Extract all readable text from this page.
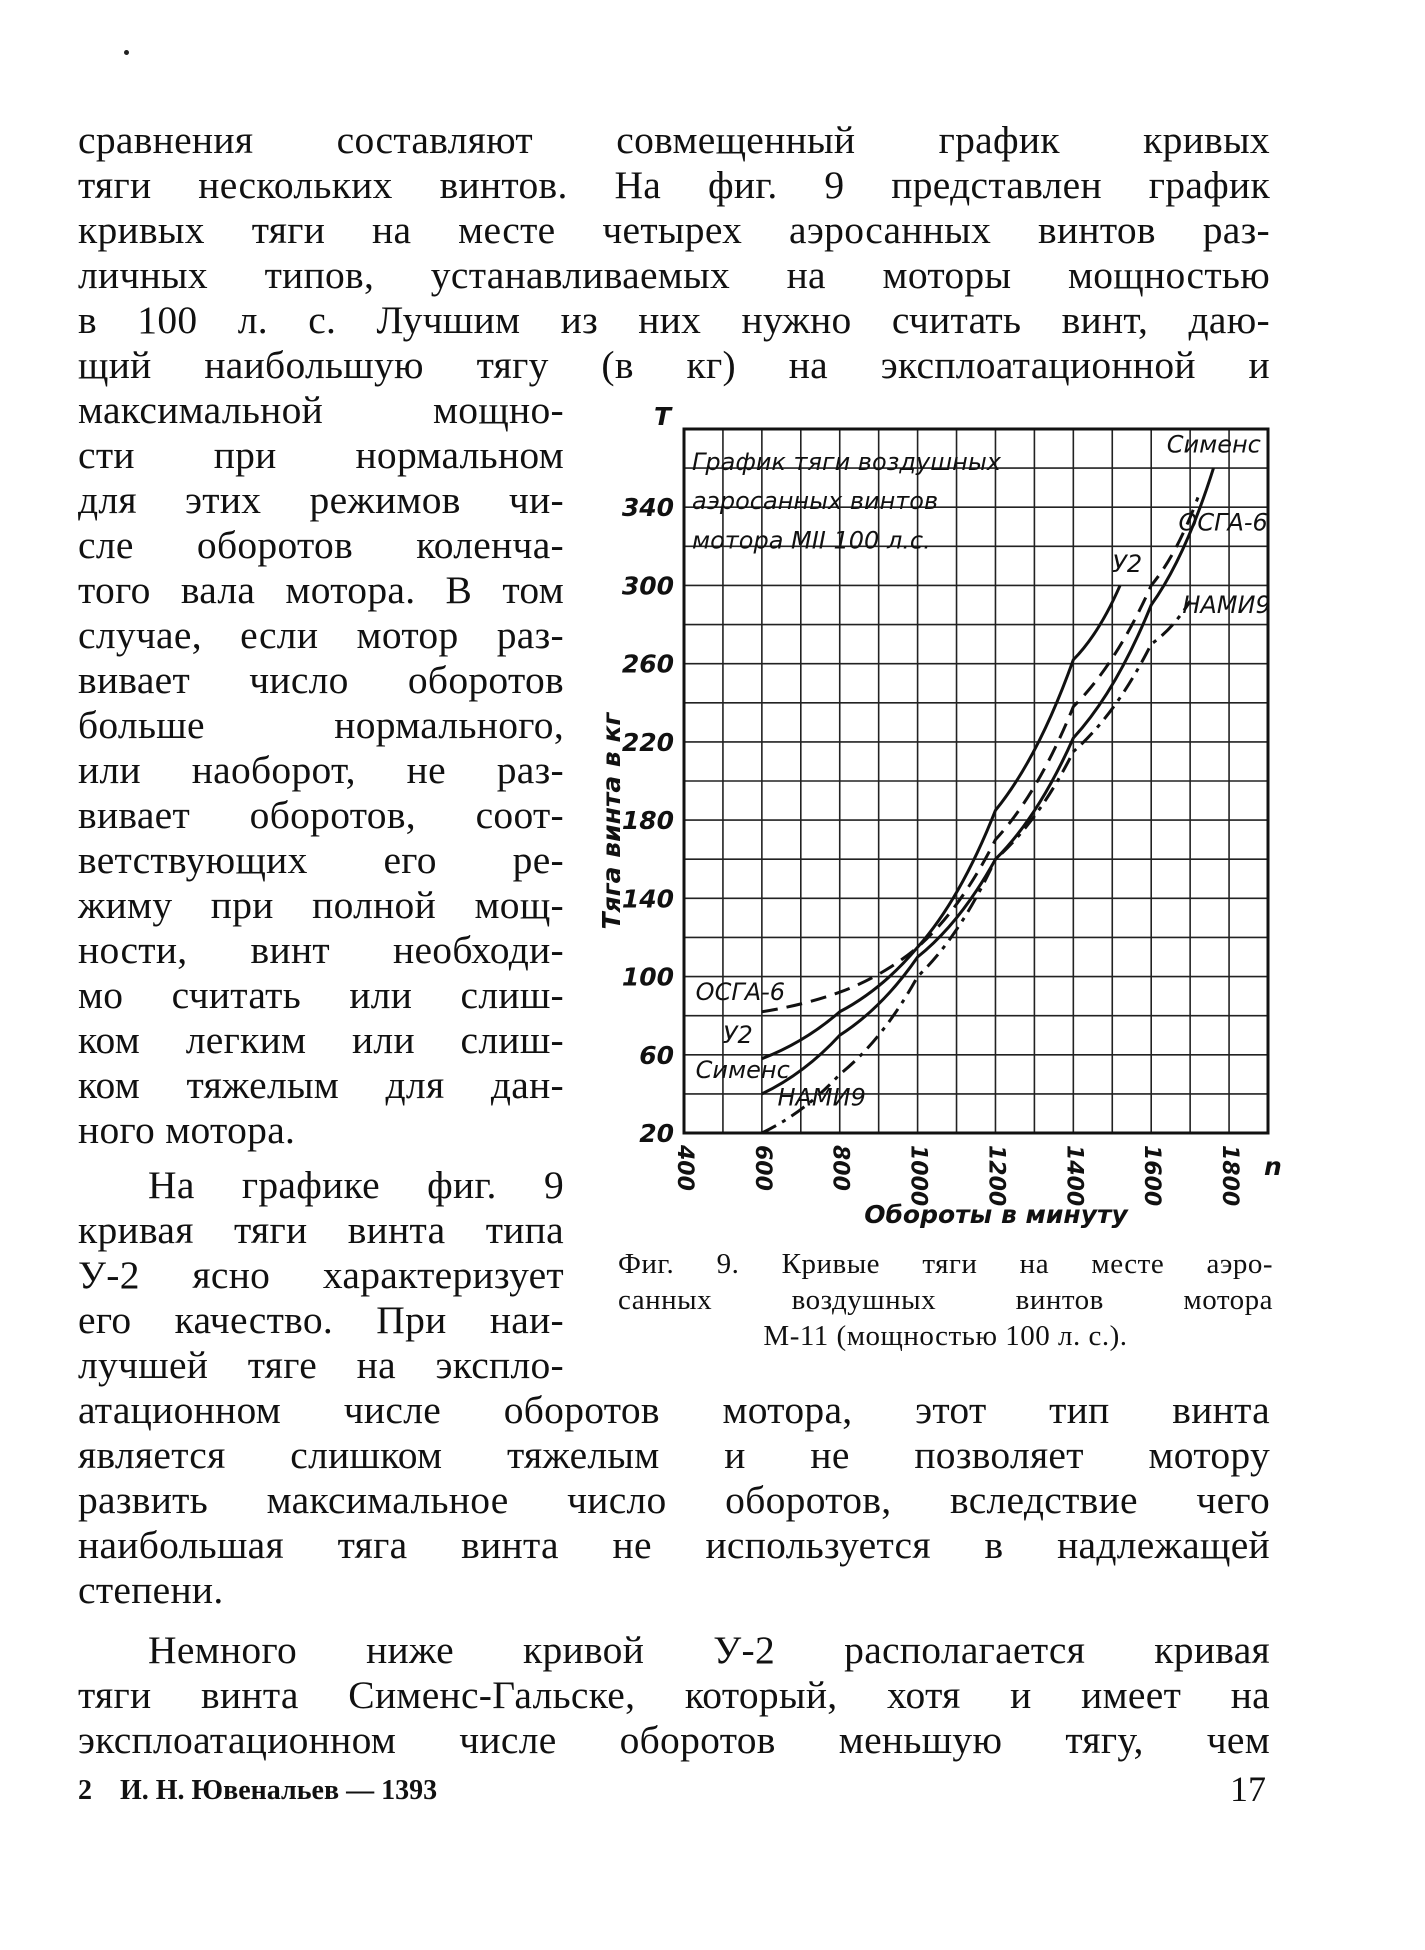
сравнения составляют совмещенный график кривых
тяги нескольких винтов. На фиг. 9 представлен график
кривых тяги на месте четырех аэросанных винтов раз-
личных типов, устанавливаемых на моторы мощностью
в 100 л. с. Лучшим из них нужно считать винт, даю-
щий наибольшую тягу (в кг) на эксплоатационной и

максимальной мощно-
сти при нормальном
для этих режимов чи-
сле оборотов коленча-
того вала мотора. В том
случае, если мотор раз-
вивает число оборотов
больше нормального,
или наоборот, не раз-
вивает оборотов, соот-
ветствующих его ре-
жиму при полной мощ-
ности, винт необходи-
мо считать или слиш-
ком легким или слиш-
ком тяжелым для дан-
ного мотора.

На графике фиг. 9
кривая тяги винта типа
У-2 ясно характеризует
его качество. При наи-
лучшей тяге на экспло-

атационном числе оборотов мотора, этот тип винта
является слишком тяжелым и не позволяет мотору
развить максимальное число оборотов, вследствие чего
наибольшая тяга винта не используется в надлежащей
степени.

Немного ниже кривой У-2 располагается кривая
тяги винта Сименс-Гальске, который, хотя и имеет на
эксплоатационном числе оборотов меньшую тягу, чем

График тяги воздушных
аэросанных винтов
мотора МII 100 л.с.
20
60
100
140
180
220
260
300
340
400 600 800 1000 1200 1400 1600 1800
ОСГА-6
ОСГА-6
У2
У2
Сименс
Сименс
НАМИ9
НАМИ9
T
n
Тяга винта в кг
Обороты в минуту

Фиг. 9. Кривые тяги на месте аэро-
санных воздушных винтов мотора
М-11 (мощностью 100 л. с.).

2 И. Н. Ювенальев — 1393	17
